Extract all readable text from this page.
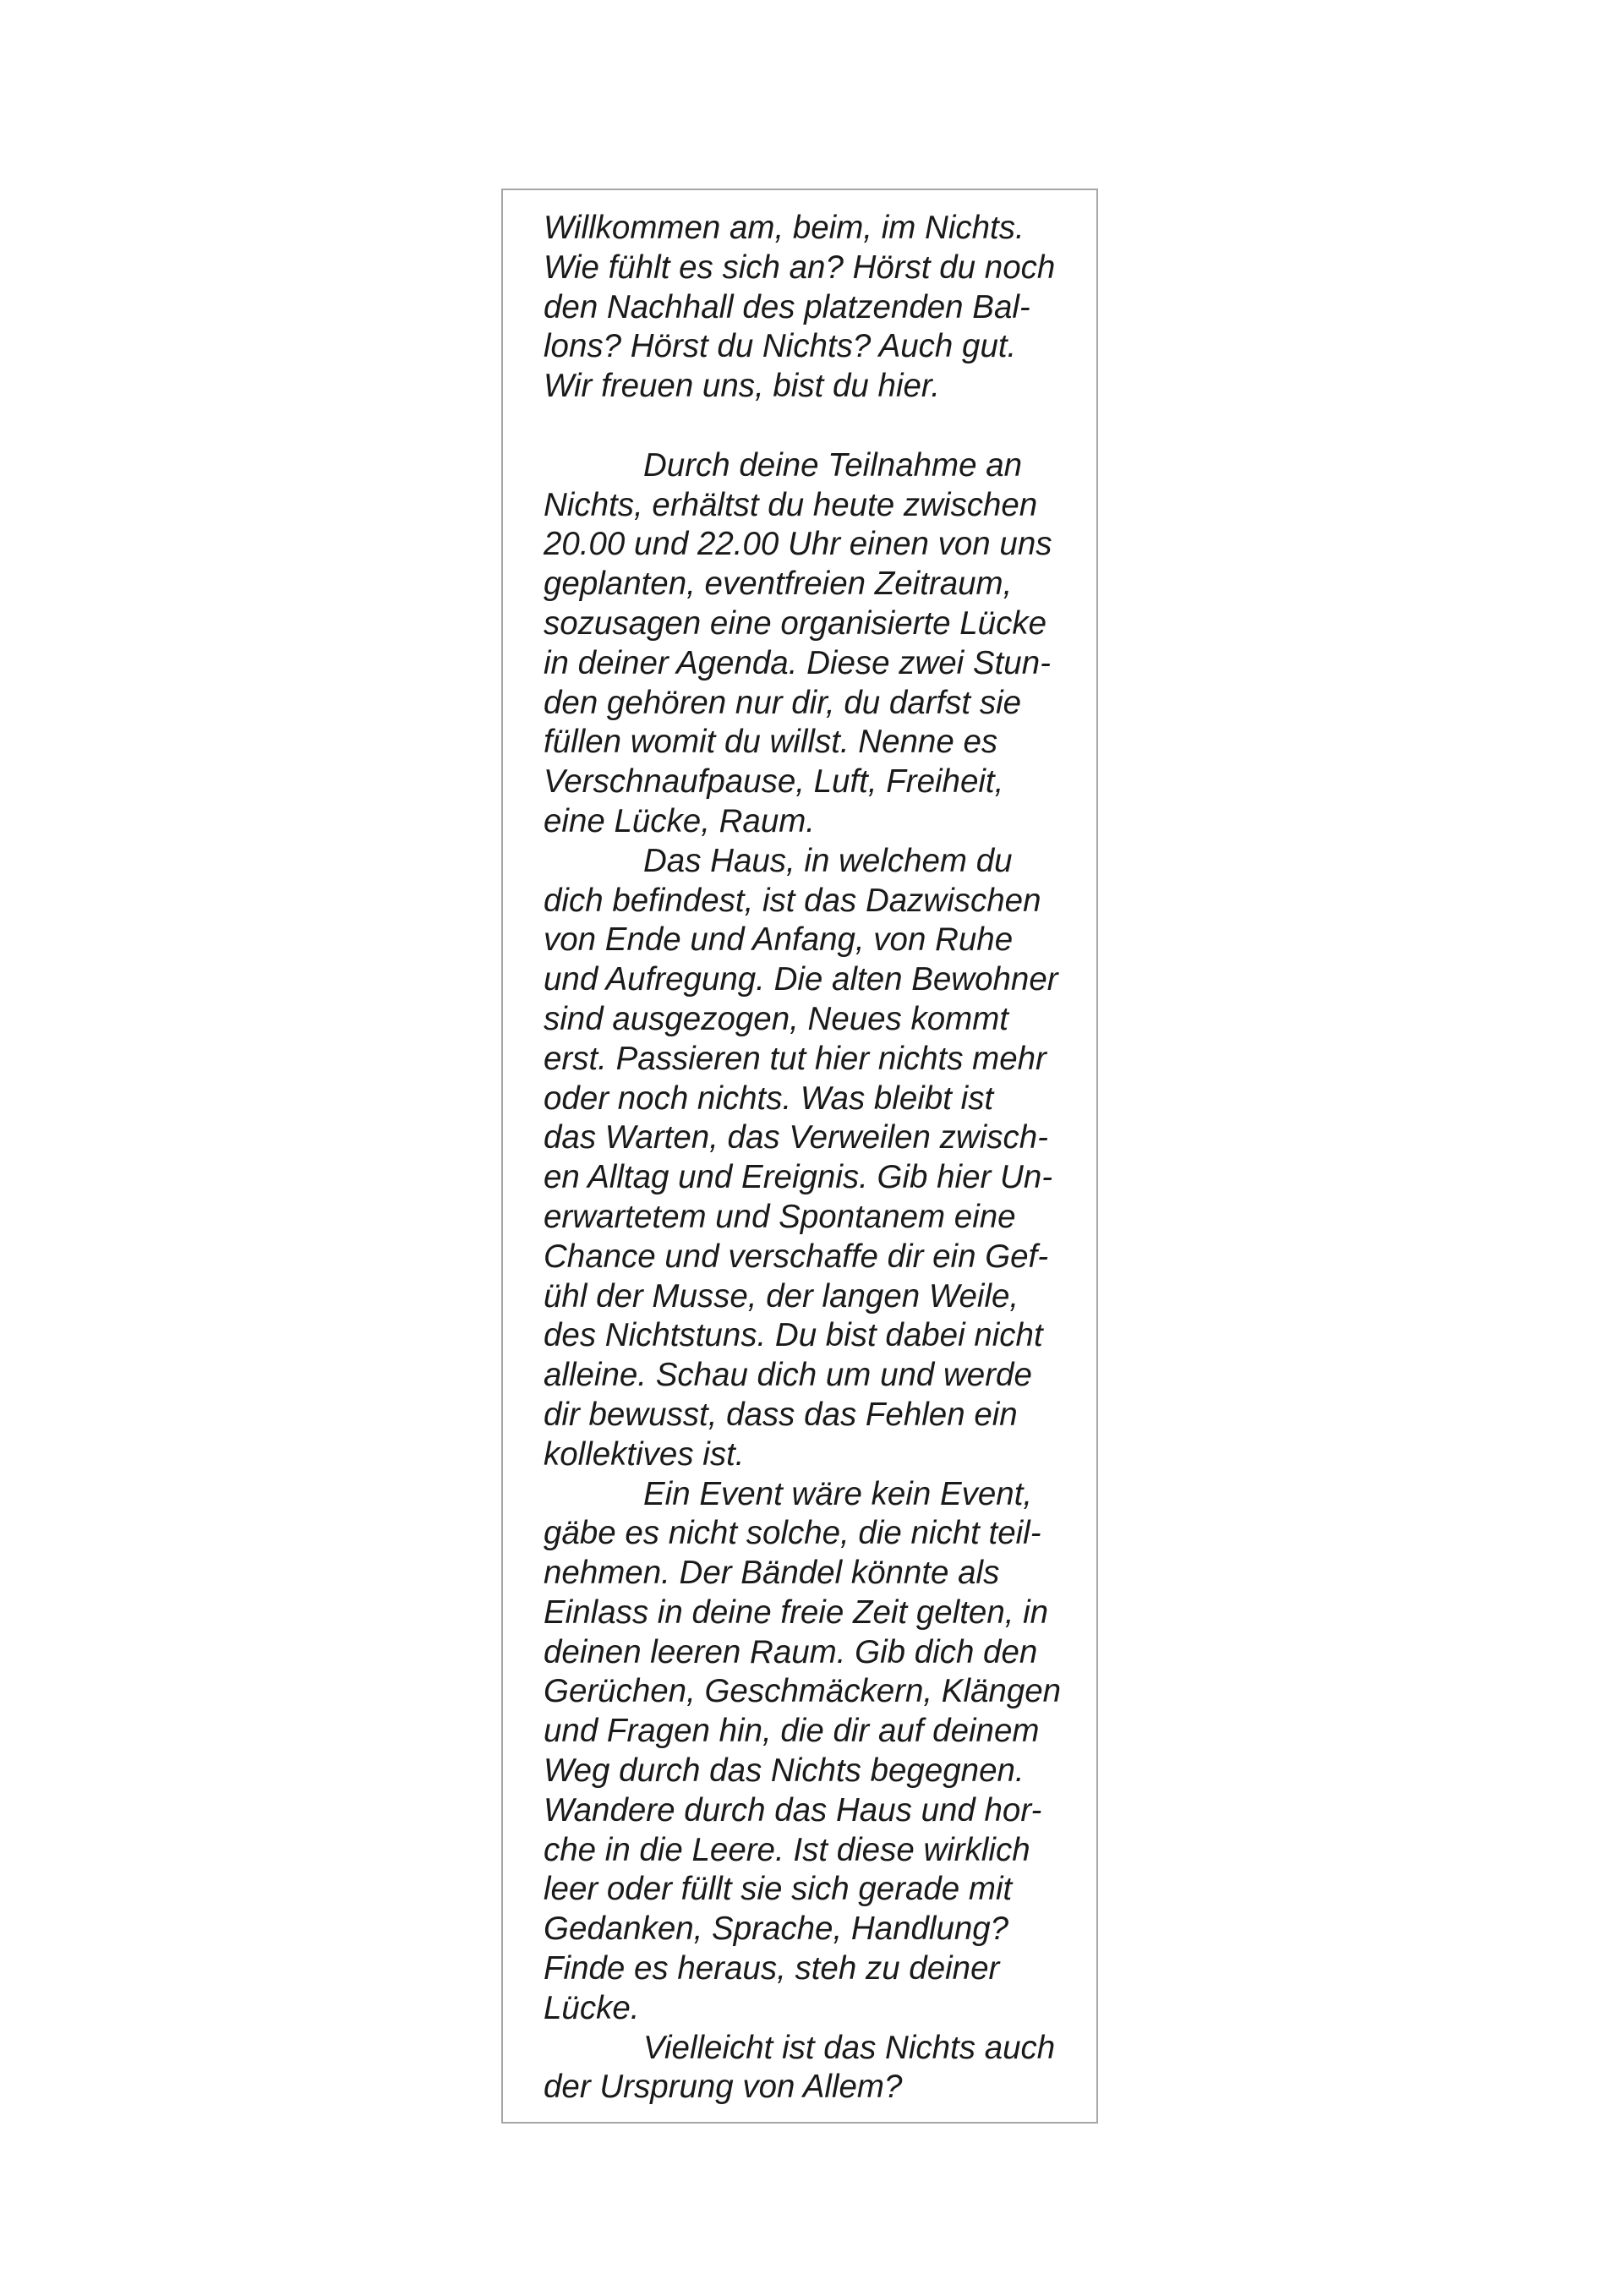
Willkommen am, beim, im Nichts.
Wie fühlt es sich an? Hörst du noch
den Nachhall des platzenden Bal-
lons? Hörst du Nichts? Auch gut.
Wir freuen uns, bist du hier.
Durch deine Teilnahme an
Nichts, erhältst du heute zwischen
20.00 und 22.00 Uhr einen von uns
geplanten, eventfreien Zeitraum,
sozusagen eine organisierte Lücke
in deiner Agenda. Diese zwei Stun-
den gehören nur dir, du darfst sie
füllen womit du willst. Nenne es
Verschnaufpause, Luft, Freiheit,
eine Lücke, Raum.
Das Haus, in welchem du
dich befindest, ist das Dazwischen
von Ende und Anfang, von Ruhe
und Aufregung. Die alten Bewohner
sind ausgezogen, Neues kommt
erst. Passieren tut hier nichts mehr
oder noch nichts. Was bleibt ist
das Warten, das Verweilen zwisch-
en Alltag und Ereignis. Gib hier Un-
erwartetem und Spontanem eine
Chance und verschaffe dir ein Gef-
ühl der Musse, der langen Weile,
des Nichtstuns. Du bist dabei nicht
alleine. Schau dich um und werde
dir bewusst, dass das Fehlen ein
kollektives ist.
Ein Event wäre kein Event,
gäbe es nicht solche, die nicht teil-
nehmen. Der Bändel könnte als
Einlass in deine freie Zeit gelten, in
deinen leeren Raum. Gib dich den
Gerüchen, Geschmäckern, Klängen
und Fragen hin, die dir auf deinem
Weg durch das Nichts begegnen.
Wandere durch das Haus und hor-
che in die Leere. Ist diese wirklich
leer oder füllt sie sich gerade mit
Gedanken, Sprache, Handlung?
Finde es heraus, steh zu deiner
Lücke.
Vielleicht ist das Nichts auch
der Ursprung von Allem?
